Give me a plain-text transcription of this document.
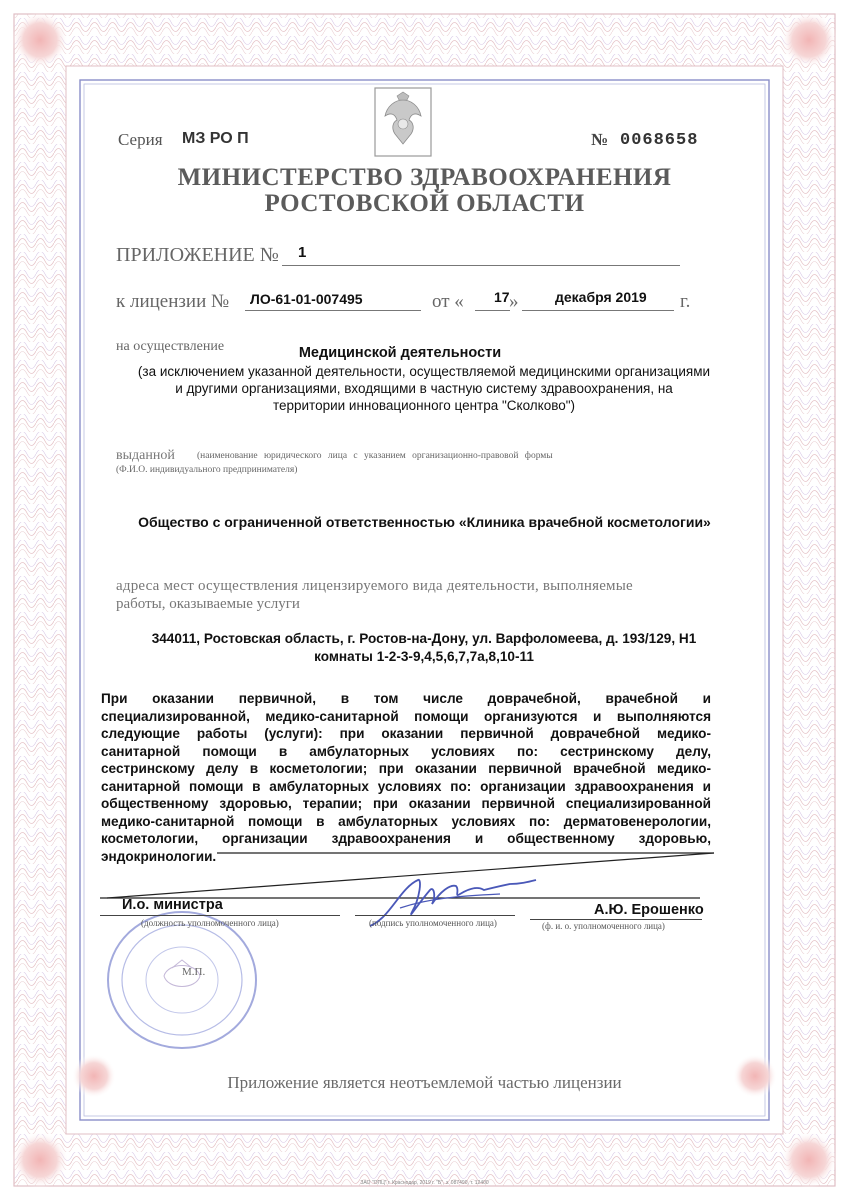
Серия МЗ РО П	№ 0068658
МИНИСТЕРСТВО ЗДРАВООХРАНЕНИЯ
РОСТОВСКОЙ ОБЛАСТИ
ПРИЛОЖЕНИЕ № 1
к лицензии № ЛО-61-01-007495	от « 17 »	декабря 2019 г.
на осуществление	Медицинской деятельности
(за исключением указанной деятельности, осуществляемой медицинскими организациями
и другими организациями, входящими в частную систему здравоохранения, на
территории инновационного центра "Сколково")
выданной (наименование юридического лица с указанием организационно-правовой формы
(Ф.И.О. индивидуального предпринимателя)
Общество с ограниченной ответственностью «Клиника врачебной косметологии»
адреса мест осуществления лицензируемого вида деятельности, выполняемые
работы, оказываемые услуги
344011, Ростовская область, г. Ростов-на-Дону, ул. Варфоломеева, д. 193/129, Н1
комнаты 1-2-3-9,4,5,6,7,7а,8,10-11
При оказании первичной, в том числе доврачебной, врачебной и
специализированной, медико-санитарной помощи организуются и выполняются
следующие работы (услуги): при оказании первичной доврачебной медико-
санитарной помощи в амбулаторных условиях по: сестринскому делу,
сестринскому делу в косметологии; при оказании первичной врачебной медико-
санитарной помощи в амбулаторных условиях по: организации здравоохранения и
общественному здоровью, терапии; при оказании первичной специализированной
медико-санитарной помощи в амбулаторных условиях по: дерматовенерологии,
косметологии, организации здравоохранения и общественному здоровью,
эндокринологии.
М.П.
И.о. министра
(должность уполномоченного лица)	(подпись уполномоченного лица)
А.Ю. Ерошенко
(ф. и. о. уполномоченного лица)
Приложение является неотъемлемой частью лицензии
ЗАО "ОПЦ" г. Краснодар, 2019 г. "Б", з. 087490, т. 12400
